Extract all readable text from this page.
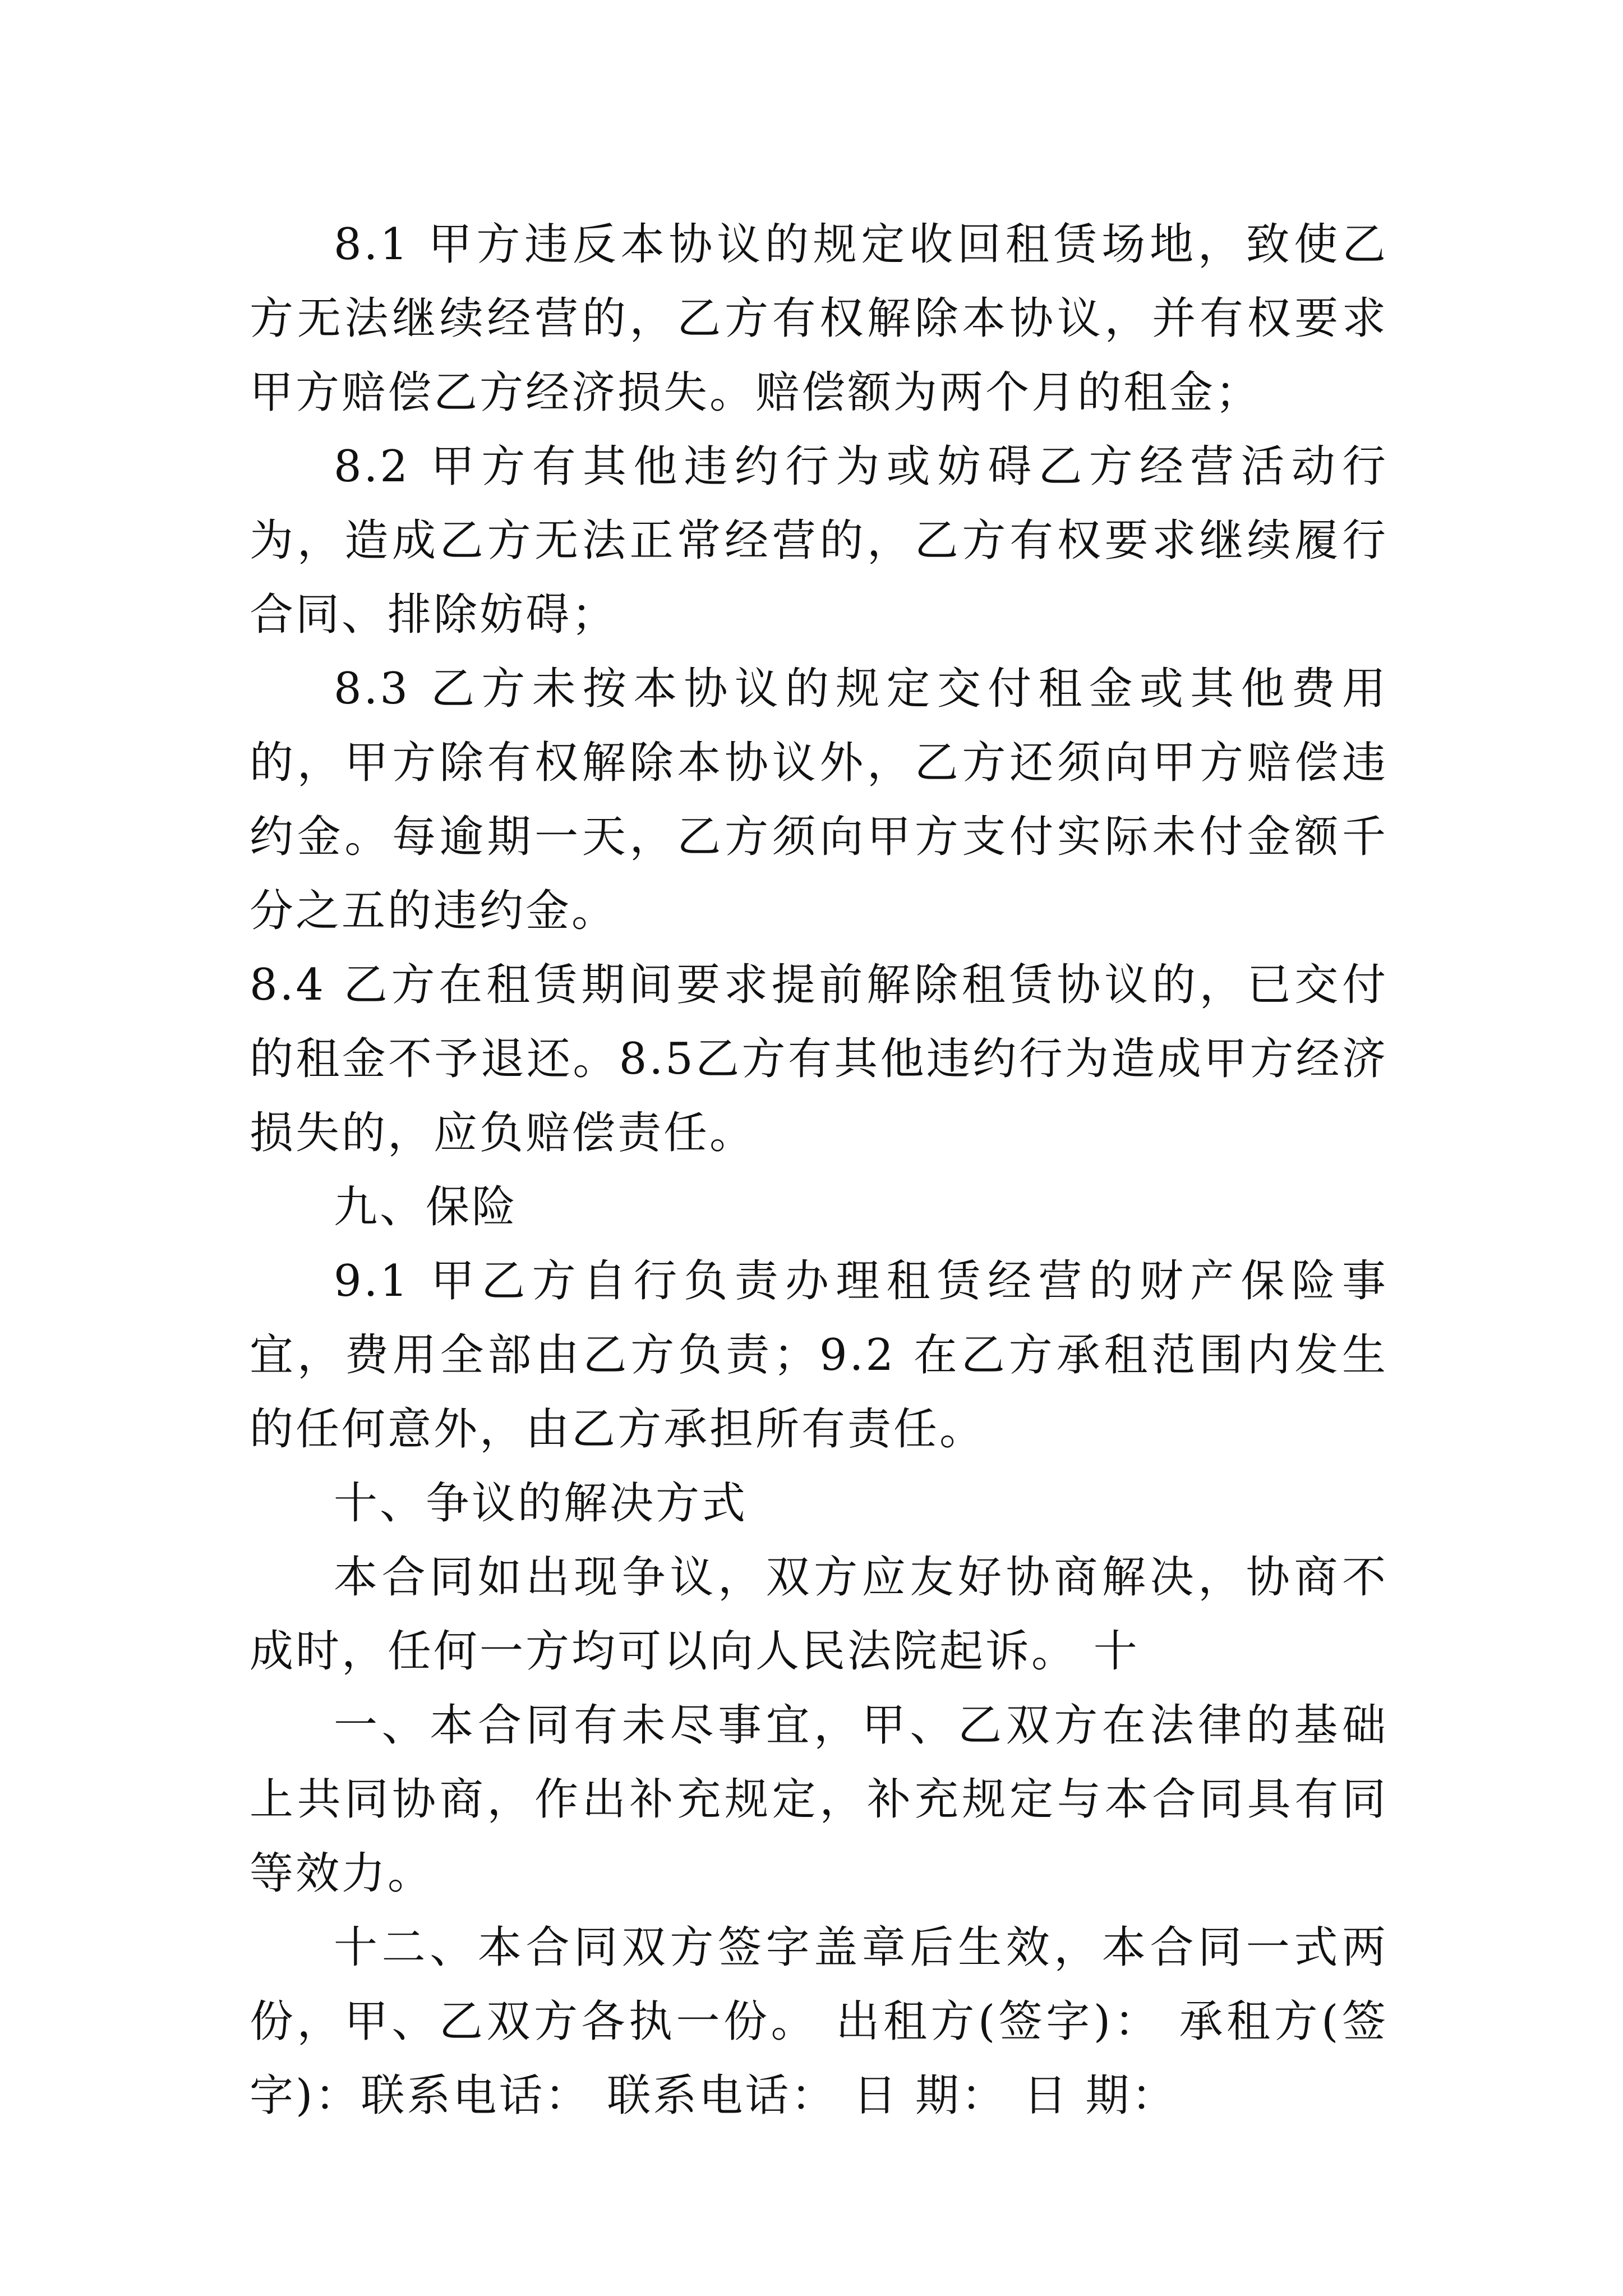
8.1 甲方违反本协议的规定收回租赁场地，致使乙方无法继续经营的，乙方有权解除本协议，并有权要求甲方赔偿乙方经济损失。赔偿额为两个月的租金；

8.2 甲方有其他违约行为或妨碍乙方经营活动行为，造成乙方无法正常经营的，乙方有权要求继续履行合同、排除妨碍；

8.3 乙方未按本协议的规定交付租金或其他费用的，甲方除有权解除本协议外，乙方还须向甲方赔偿违约金。每逾期一天，乙方须向甲方支付实际未付金额千分之五的违约金。

8.4 乙方在租赁期间要求提前解除租赁协议的，已交付的租金不予退还。8.5乙方有其他违约行为造成甲方经济损失的，应负赔偿责任。

九、保险

9.1 甲乙方自行负责办理租赁经营的财产保险事宜，费用全部由乙方负责；9.2 在乙方承租范围内发生的任何意外，由乙方承担所有责任。

十、争议的解决方式

本合同如出现争议，双方应友好协商解决，协商不成时，任何一方均可以向人民法院起诉。 十

一、本合同有未尽事宜，甲、乙双方在法律的基础上共同协商，作出补充规定，补充规定与本合同具有同等效力。

十二、本合同双方签字盖章后生效，本合同一式两份，甲、乙双方各执一份。 出租方(签字)： 承租方(签字)：联系电话： 联系电话： 日 期： 日 期：
